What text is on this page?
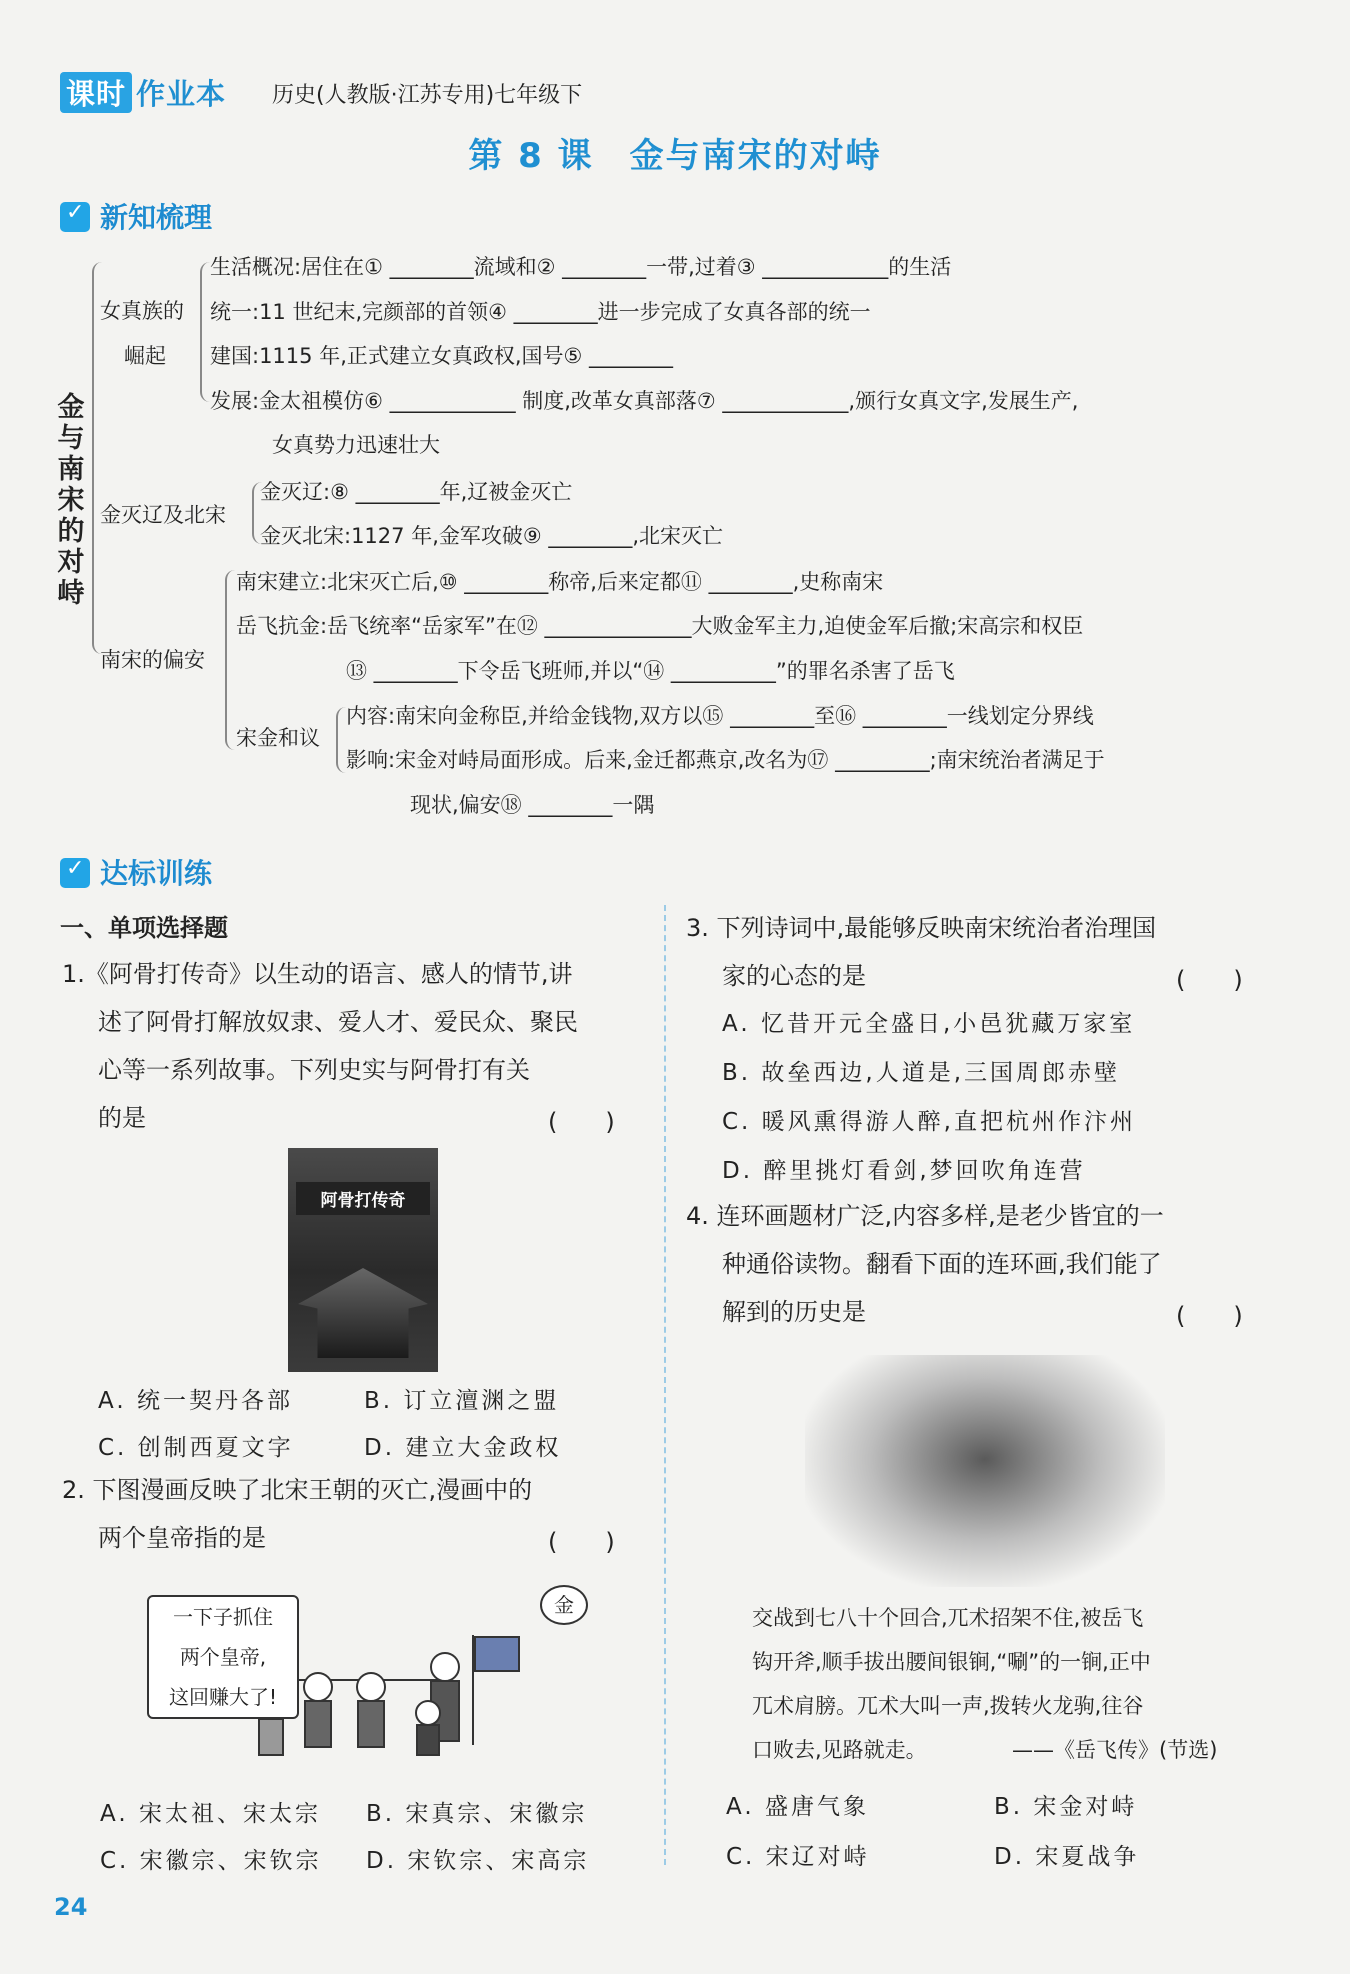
课时 作业本 历史(人教版·江苏专用)七年级下
第 8 课　金与南宋的对峙
✓新知梳理
金
与
南
宋
的
对
峙
女真族的
崛起
生活概况:居住在① ________流域和② ________一带,过着③ ____________的生活
统一:11 世纪末,完颜部的首领④ ________进一步完成了女真各部的统一
建国:1115 年,正式建立女真政权,国号⑤ ________
发展:金太祖模仿⑥ ____________ 制度,改革女真部落⑦ ____________,颁行女真文字,发展生产,
女真势力迅速壮大
金灭辽及北宋
金灭辽:⑧ ________年,辽被金灭亡
金灭北宋:1127 年,金军攻破⑨ ________,北宋灭亡
南宋的偏安
南宋建立:北宋灭亡后,⑩ ________称帝,后来定都⑪ ________,史称南宋
岳飞抗金:岳飞统率“岳家军”在⑫ ______________大败金军主力,迫使金军后撤;宋高宗和权臣
⑬ ________下令岳飞班师,并以“⑭ __________”的罪名杀害了岳飞
宋金和议
内容:南宋向金称臣,并给金钱物,双方以⑮ ________至⑯ ________一线划定分界线
影响:宋金对峙局面形成。后来,金迁都燕京,改名为⑰ _________;南宋统治者满足于
现状,偏安⑱ ________一隅
✓达标训练
一、单项选择题
1.《阿骨打传奇》以生动的语言、感人的情节,讲
述了阿骨打解放奴隶、爱人才、爱民众、聚民
心等一系列故事。下列史实与阿骨打有关
的是	(　　)
阿骨打传奇
A. 统一契丹各部	B. 订立澶渊之盟
C. 创制西夏文字	D. 建立大金政权
2. 下图漫画反映了北宋王朝的灭亡,漫画中的
两个皇帝指的是	(　　)
一下子抓住
两个皇帝,
这回赚大了!
金
A. 宋太祖、宋太宗 B. 宋真宗、宋徽宗
C. 宋徽宗、宋钦宗 D. 宋钦宗、宋高宗
3. 下列诗词中,最能够反映南宋统治者治理国
家的心态的是	(　　)
A. 忆昔开元全盛日,小邑犹藏万家室
B. 故垒西边,人道是,三国周郎赤壁
C. 暖风熏得游人醉,直把杭州作汴州
D. 醉里挑灯看剑,梦回吹角连营
4. 连环画题材广泛,内容多样,是老少皆宜的一
种通俗读物。翻看下面的连环画,我们能了
解到的历史是	(　　)
交战到七八十个回合,兀术招架不住,被岳飞
钩开斧,顺手拔出腰间银锏,“唰”的一锏,正中
兀术肩膀。兀术大叫一声,拨转火龙驹,往谷
口败去,见路就走。	——《岳飞传》(节选)
A. 盛唐气象	B. 宋金对峙
C. 宋辽对峙	D. 宋夏战争
24
